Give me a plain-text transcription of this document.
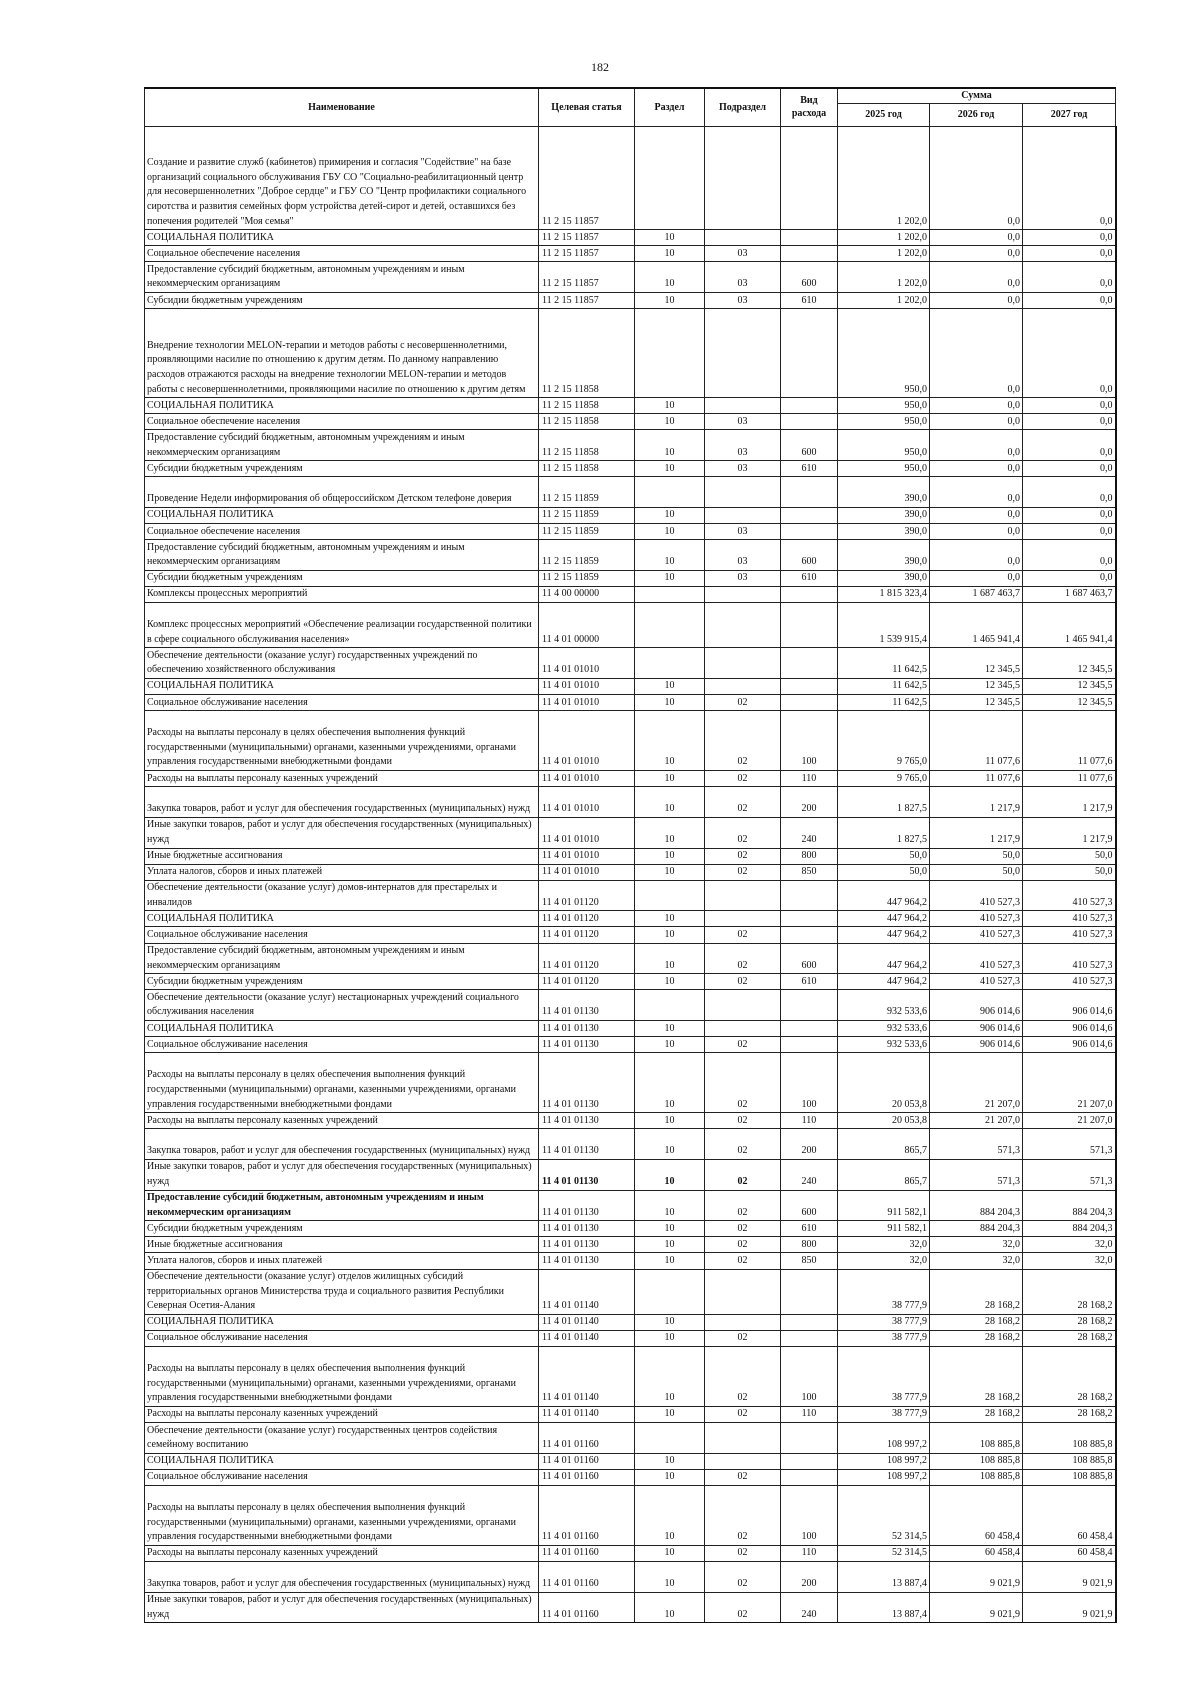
182
Наименование	Целевая статья	Раздел	Подраздел	Вид расхода	Сумма		
					2025 год	2026 год	2027 год
Создание и развитие служб (кабинетов) примирения и согласия "Содействие" на базе организаций социального обслуживания ГБУ СО "Социально-реабилитационный центр для несовершеннолетних "Доброе сердце" и ГБУ СО "Центр профилактики социального сиротства и развития семейных форм устройства детей-сирот и детей, оставшихся без попечения родителей "Моя семья"	11 2 15 11857				1 202,0	0,0	0,0
СОЦИАЛЬНАЯ ПОЛИТИКА	11 2 15 11857	10			1 202,0	0,0	0,0
Социальное обеспечение населения	11 2 15 11857	10	03		1 202,0	0,0	0,0
Предоставление субсидий бюджетным, автономным учреждениям и иным некоммерческим организациям	11 2 15 11857	10	03	600	1 202,0	0,0	0,0
Субсидии бюджетным учреждениям	11 2 15 11857	10	03	610	1 202,0	0,0	0,0
Внедрение технологии MELON-терапии и методов работы с несовершеннолетними, проявляющими насилие по отношению к другим детям. По данному направлению расходов отражаются расходы на внедрение технологии MELON-терапии и методов работы с несовершеннолетними, проявляющими насилие по отношению к другим детям	11 2 15 11858				950,0	0,0	0,0
СОЦИАЛЬНАЯ ПОЛИТИКА	11 2 15 11858	10			950,0	0,0	0,0
Социальное обеспечение населения	11 2 15 11858	10	03		950,0	0,0	0,0
Предоставление субсидий бюджетным, автономным учреждениям и иным некоммерческим организациям	11 2 15 11858	10	03	600	950,0	0,0	0,0
Субсидии бюджетным учреждениям	11 2 15 11858	10	03	610	950,0	0,0	0,0
Проведение Недели информирования об общероссийском Детском телефоне доверия	11 2 15 11859				390,0	0,0	0,0
СОЦИАЛЬНАЯ ПОЛИТИКА	11 2 15 11859	10			390,0	0,0	0,0
Социальное обеспечение населения	11 2 15 11859	10	03		390,0	0,0	0,0
Предоставление субсидий бюджетным, автономным учреждениям и иным некоммерческим организациям	11 2 15 11859	10	03	600	390,0	0,0	0,0
Субсидии бюджетным учреждениям	11 2 15 11859	10	03	610	390,0	0,0	0,0
Комплексы процессных мероприятий	11 4 00 00000				1 815 323,4	1 687 463,7	1 687 463,7
Комплекс процессных мероприятий «Обеспечение реализации государственной политики в сфере социального обслуживания населения»	11 4 01 00000				1 539 915,4	1 465 941,4	1 465 941,4
Обеспечение деятельности (оказание услуг) государственных учреждений по обеспечению хозяйственного обслуживания	11 4 01 01010				11 642,5	12 345,5	12 345,5
СОЦИАЛЬНАЯ ПОЛИТИКА	11 4 01 01010	10			11 642,5	12 345,5	12 345,5
Социальное обслуживание населения	11 4 01 01010	10	02		11 642,5	12 345,5	12 345,5
Расходы на выплаты персоналу в целях обеспечения выполнения функций государственными (муниципальными) органами, казенными учреждениями, органами управления государственными внебюджетными фондами	11 4 01 01010	10	02	100	9 765,0	11 077,6	11 077,6
Расходы на выплаты персоналу казенных учреждений	11 4 01 01010	10	02	110	9 765,0	11 077,6	11 077,6
Закупка товаров, работ и услуг для обеспечения государственных (муниципальных) нужд	11 4 01 01010	10	02	200	1 827,5	1 217,9	1 217,9
Иные закупки товаров, работ и услуг для обеспечения государственных (муниципальных) нужд	11 4 01 01010	10	02	240	1 827,5	1 217,9	1 217,9
Иные бюджетные ассигнования	11 4 01 01010	10	02	800	50,0	50,0	50,0
Уплата налогов, сборов и иных платежей	11 4 01 01010	10	02	850	50,0	50,0	50,0
Обеспечение деятельности (оказание услуг) домов-интернатов для престарелых и инвалидов	11 4 01 01120				447 964,2	410 527,3	410 527,3
СОЦИАЛЬНАЯ ПОЛИТИКА	11 4 01 01120	10			447 964,2	410 527,3	410 527,3
Социальное обслуживание населения	11 4 01 01120	10	02		447 964,2	410 527,3	410 527,3
Предоставление субсидий бюджетным, автономным учреждениям и иным некоммерческим организациям	11 4 01 01120	10	02	600	447 964,2	410 527,3	410 527,3
Субсидии бюджетным учреждениям	11 4 01 01120	10	02	610	447 964,2	410 527,3	410 527,3
Обеспечение деятельности (оказание услуг) нестационарных учреждений социального обслуживания населения	11 4 01 01130				932 533,6	906 014,6	906 014,6
СОЦИАЛЬНАЯ ПОЛИТИКА	11 4 01 01130	10			932 533,6	906 014,6	906 014,6
Социальное обслуживание населения	11 4 01 01130	10	02		932 533,6	906 014,6	906 014,6
Расходы на выплаты персоналу в целях обеспечения выполнения функций государственными (муниципальными) органами, казенными учреждениями, органами управления государственными внебюджетными фондами	11 4 01 01130	10	02	100	20 053,8	21 207,0	21 207,0
Расходы на выплаты персоналу казенных учреждений	11 4 01 01130	10	02	110	20 053,8	21 207,0	21 207,0
Закупка товаров, работ и услуг для обеспечения государственных (муниципальных) нужд	11 4 01 01130	10	02	200	865,7	571,3	571,3
Иные закупки товаров, работ и услуг для обеспечения государственных (муниципальных) нужд	11 4 01 01130	10	02	240	865,7	571,3	571,3
Предоставление субсидий бюджетным, автономным учреждениям и иным некоммерческим организациям	11 4 01 01130	10	02	600	911 582,1	884 204,3	884 204,3
Субсидии бюджетным учреждениям	11 4 01 01130	10	02	610	911 582,1	884 204,3	884 204,3
Иные бюджетные ассигнования	11 4 01 01130	10	02	800	32,0	32,0	32,0
Уплата налогов, сборов и иных платежей	11 4 01 01130	10	02	850	32,0	32,0	32,0
Обеспечение деятельности (оказание услуг) отделов жилищных субсидий территориальных органов Министерства труда и социального развития Республики Северная Осетия-Алания	11 4 01 01140				38 777,9	28 168,2	28 168,2
СОЦИАЛЬНАЯ ПОЛИТИКА	11 4 01 01140	10			38 777,9	28 168,2	28 168,2
Социальное обслуживание населения	11 4 01 01140	10	02		38 777,9	28 168,2	28 168,2
Расходы на выплаты персоналу в целях обеспечения выполнения функций государственными (муниципальными) органами, казенными учреждениями, органами управления государственными внебюджетными фондами	11 4 01 01140	10	02	100	38 777,9	28 168,2	28 168,2
Расходы на выплаты персоналу казенных учреждений	11 4 01 01140	10	02	110	38 777,9	28 168,2	28 168,2
Обеспечение деятельности (оказание услуг) государственных центров содействия семейному воспитанию	11 4 01 01160				108 997,2	108 885,8	108 885,8
СОЦИАЛЬНАЯ ПОЛИТИКА	11 4 01 01160	10			108 997,2	108 885,8	108 885,8
Социальное обслуживание населения	11 4 01 01160	10	02		108 997,2	108 885,8	108 885,8
Расходы на выплаты персоналу в целях обеспечения выполнения функций государственными (муниципальными) органами, казенными учреждениями, органами управления государственными внебюджетными фондами	11 4 01 01160	10	02	100	52 314,5	60 458,4	60 458,4
Расходы на выплаты персоналу казенных учреждений	11 4 01 01160	10	02	110	52 314,5	60 458,4	60 458,4
Закупка товаров, работ и услуг для обеспечения государственных (муниципальных) нужд	11 4 01 01160	10	02	200	13 887,4	9 021,9	9 021,9
Иные закупки товаров, работ и услуг для обеспечения государственных (муниципальных) нужд	11 4 01 01160	10	02	240	13 887,4	9 021,9	9 021,9
